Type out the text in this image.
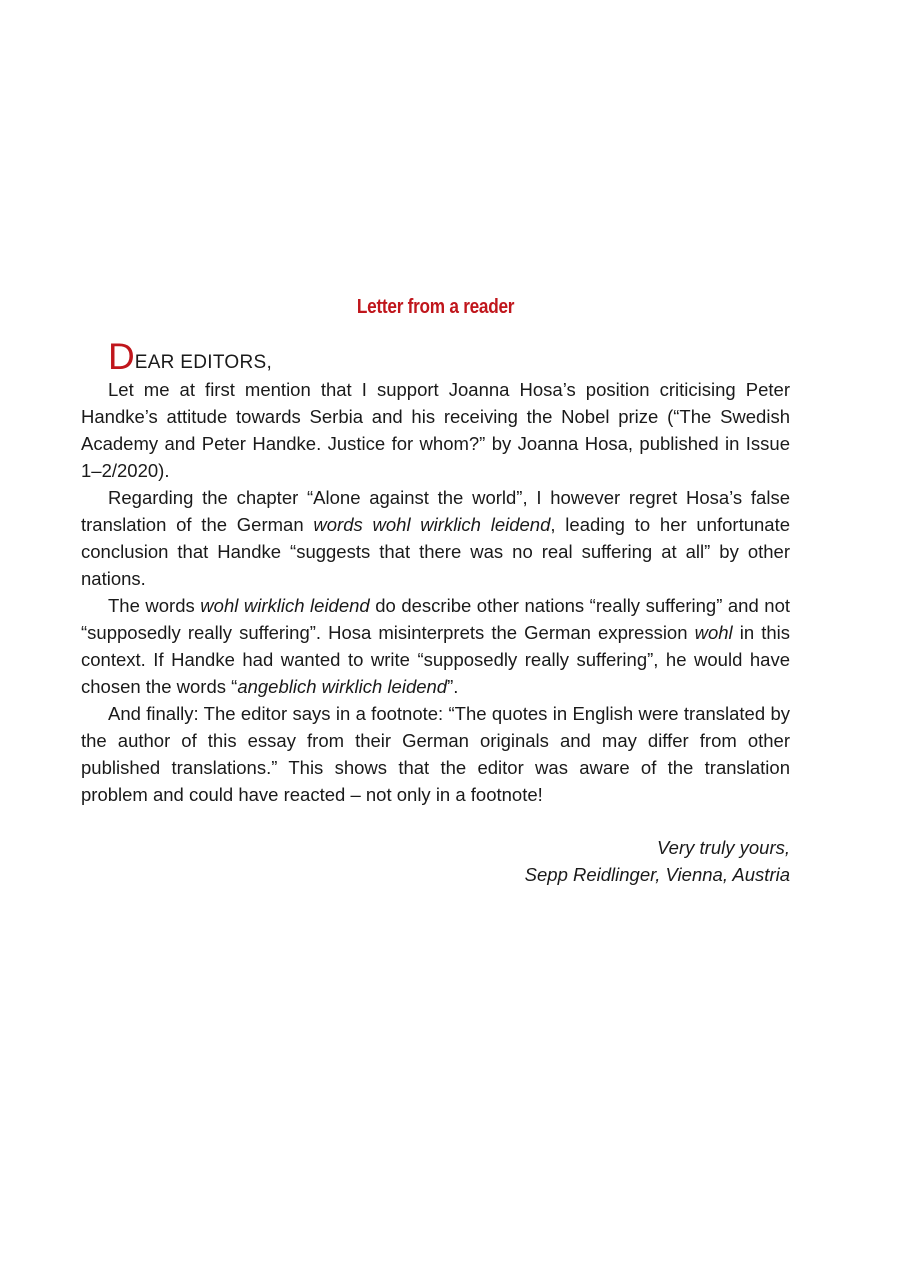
Letter from a reader

DEAR EDITORS,

Let me at first mention that I support Joanna Hosa’s position criticising Peter Handke’s attitude towards Serbia and his receiving the Nobel prize (“The Swedish Academy and Peter Handke. Justice for whom?” by Joanna Hosa, published in Issue 1–2/2020).

Regarding the chapter “Alone against the world”, I however regret Hosa’s false translation of the German words wohl wirklich leidend, leading to her unfortunate conclusion that Handke “suggests that there was no real suffering at all” by other nations.

The words wohl wirklich leidend do describe other nations “really suffering” and not “supposedly really suffering”. Hosa misinterprets the German expression wohl in this context. If Handke had wanted to write “supposedly really suffering”, he would have chosen the words “angeblich wirklich leidend”.

And finally: The editor says in a footnote: “The quotes in English were translated by the author of this essay from their German originals and may differ from other published translations.” This shows that the editor was aware of the translation problem and could have reacted – not only in a footnote!

Very truly yours,
Sepp Reidlinger, Vienna, Austria
